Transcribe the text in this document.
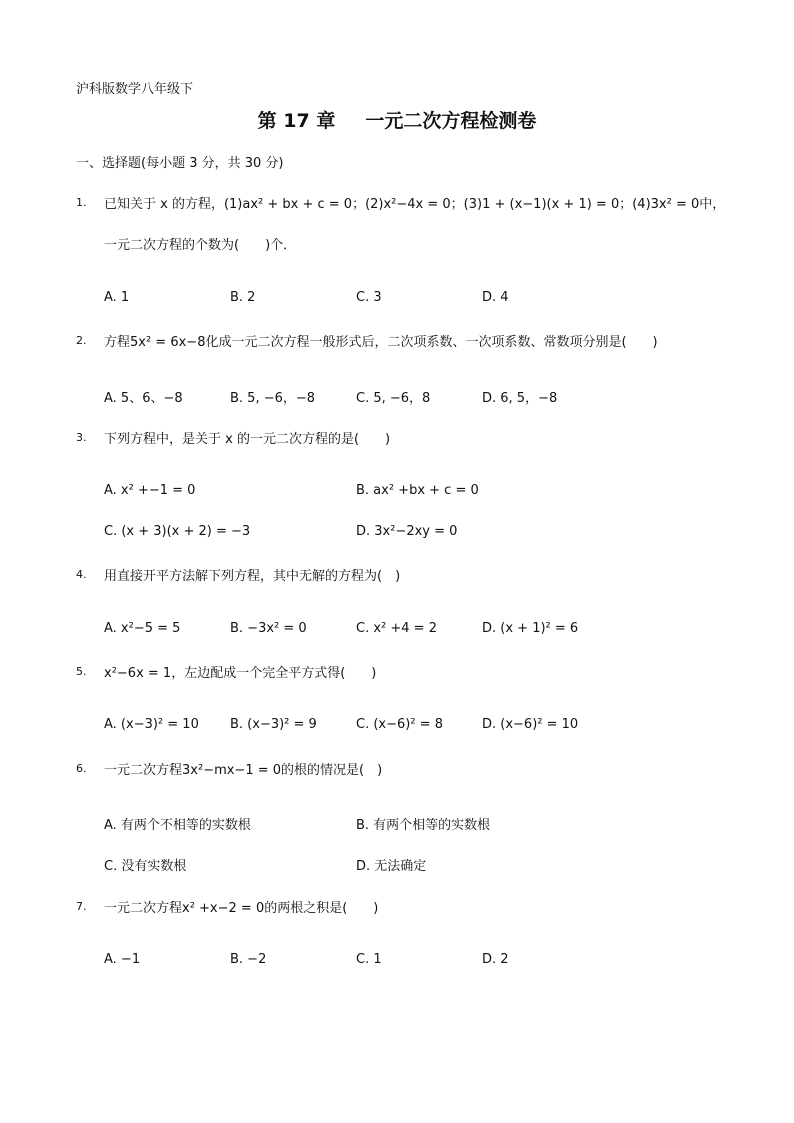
沪科版数学八年级下
第 17 章 一元二次方程检测卷
一、选择题(每小题 3 分，共 30 分)
1. 已知关于 x 的方程，(1)ax² + bx + c = 0；(2)x²−4x = 0；(3)1 + (x−1)(x + 1) = 0；(4)3x² = 0中，
一元二次方程的个数为(　　)个．
A. 1	B. 2	C. 3	D. 4
2. 方程5x² = 6x−8化成一元二次方程一般形式后，二次项系数、一次项系数、常数项分别是(　　)
A. 5、6、−8	B. 5, −6，−8	C. 5, −6，8	D. 6, 5，−8
3. 下列方程中，是关于 x 的一元二次方程的是(　　)
A. x² +−1 = 0	B. ax² +bx + c = 0
C. (x + 3)(x + 2) = −3	D. 3x²−2xy = 0
4. 用直接开平方法解下列方程，其中无解的方程为(　)
A. x²−5 = 5	B. −3x² = 0	C. x² +4 = 2	D. (x + 1)² = 6
5. x²−6x = 1，左边配成一个完全平方式得(　　)
A. (x−3)² = 10 B. (x−3)² = 9	C. (x−6)² = 8	D. (x−6)² = 10
6. 一元二次方程3x²−mx−1 = 0的根的情况是(　)
A. 有两个不相等的实数根	B. 有两个相等的实数根
C. 没有实数根	D. 无法确定
7. 一元二次方程x² +x−2 = 0的两根之积是(　　)
A. −1	B. −2	C. 1	D. 2
